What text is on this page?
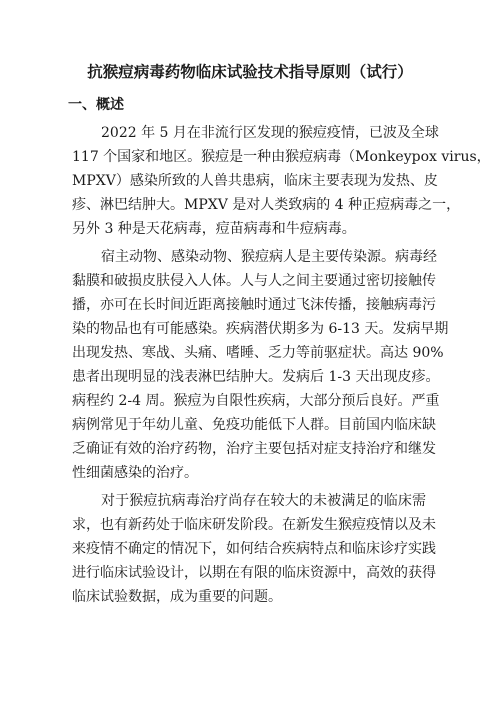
抗猴痘病毒药物临床试验技术指导原则（试行）
一、概述
2022 年 5 月在非流行区发现的猴痘疫情，已波及全球
117 个国家和地区。猴痘是一种由猴痘病毒（Monkeypox virus，
MPXV）感染所致的人兽共患病，临床主要表现为发热、皮
疹、淋巴结肿大。MPXV 是对人类致病的 4 种正痘病毒之一，
另外 3 种是天花病毒，痘苗病毒和牛痘病毒。
宿主动物、感染动物、猴痘病人是主要传染源。病毒经
黏膜和破损皮肤侵入人体。人与人之间主要通过密切接触传
播，亦可在长时间近距离接触时通过飞沫传播，接触病毒污
染的物品也有可能感染。疾病潜伏期多为 6-13 天。发病早期
出现发热、寒战、头痛、嗜睡、乏力等前驱症状。高达 90%
患者出现明显的浅表淋巴结肿大。发病后 1-3 天出现皮疹。
病程约 2-4 周。猴痘为自限性疾病，大部分预后良好。严重
病例常见于年幼儿童、免疫功能低下人群。目前国内临床缺
乏确证有效的治疗药物，治疗主要包括对症支持治疗和继发
性细菌感染的治疗。
对于猴痘抗病毒治疗尚存在较大的未被满足的临床需
求，也有新药处于临床研发阶段。在新发生猴痘疫情以及未
来疫情不确定的情况下，如何结合疾病特点和临床诊疗实践
进行临床试验设计，以期在有限的临床资源中，高效的获得
临床试验数据，成为重要的问题。
